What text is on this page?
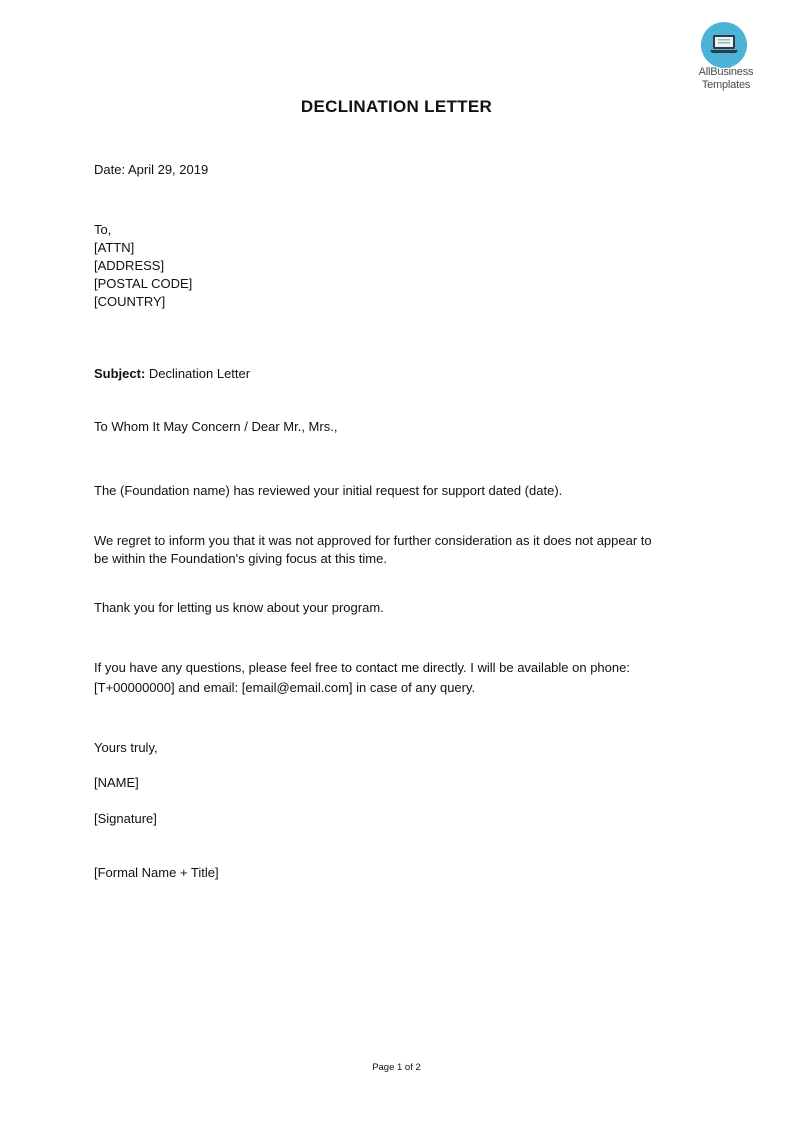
AllBusiness
Templates
DECLINATION LETTER
Date: April 29, 2019
To,
[ATTN]
[ADDRESS]
[POSTAL CODE]
[COUNTRY]
Subject: Declination Letter
To Whom It May Concern / Dear Mr., Mrs.,
The (Foundation name) has reviewed your initial request for support dated (date).
We regret to inform you that it was not approved for further consideration as it does not appear to
be within the Foundation's giving focus at this time.
Thank you for letting us know about your program.
If you have any questions, please feel free to contact me directly. I will be available on phone:
[T+00000000] and email: [email@email.com] in case of any query.
Yours truly,
[NAME]
[Signature]
[Formal Name + Title]
Page 1 of 2
